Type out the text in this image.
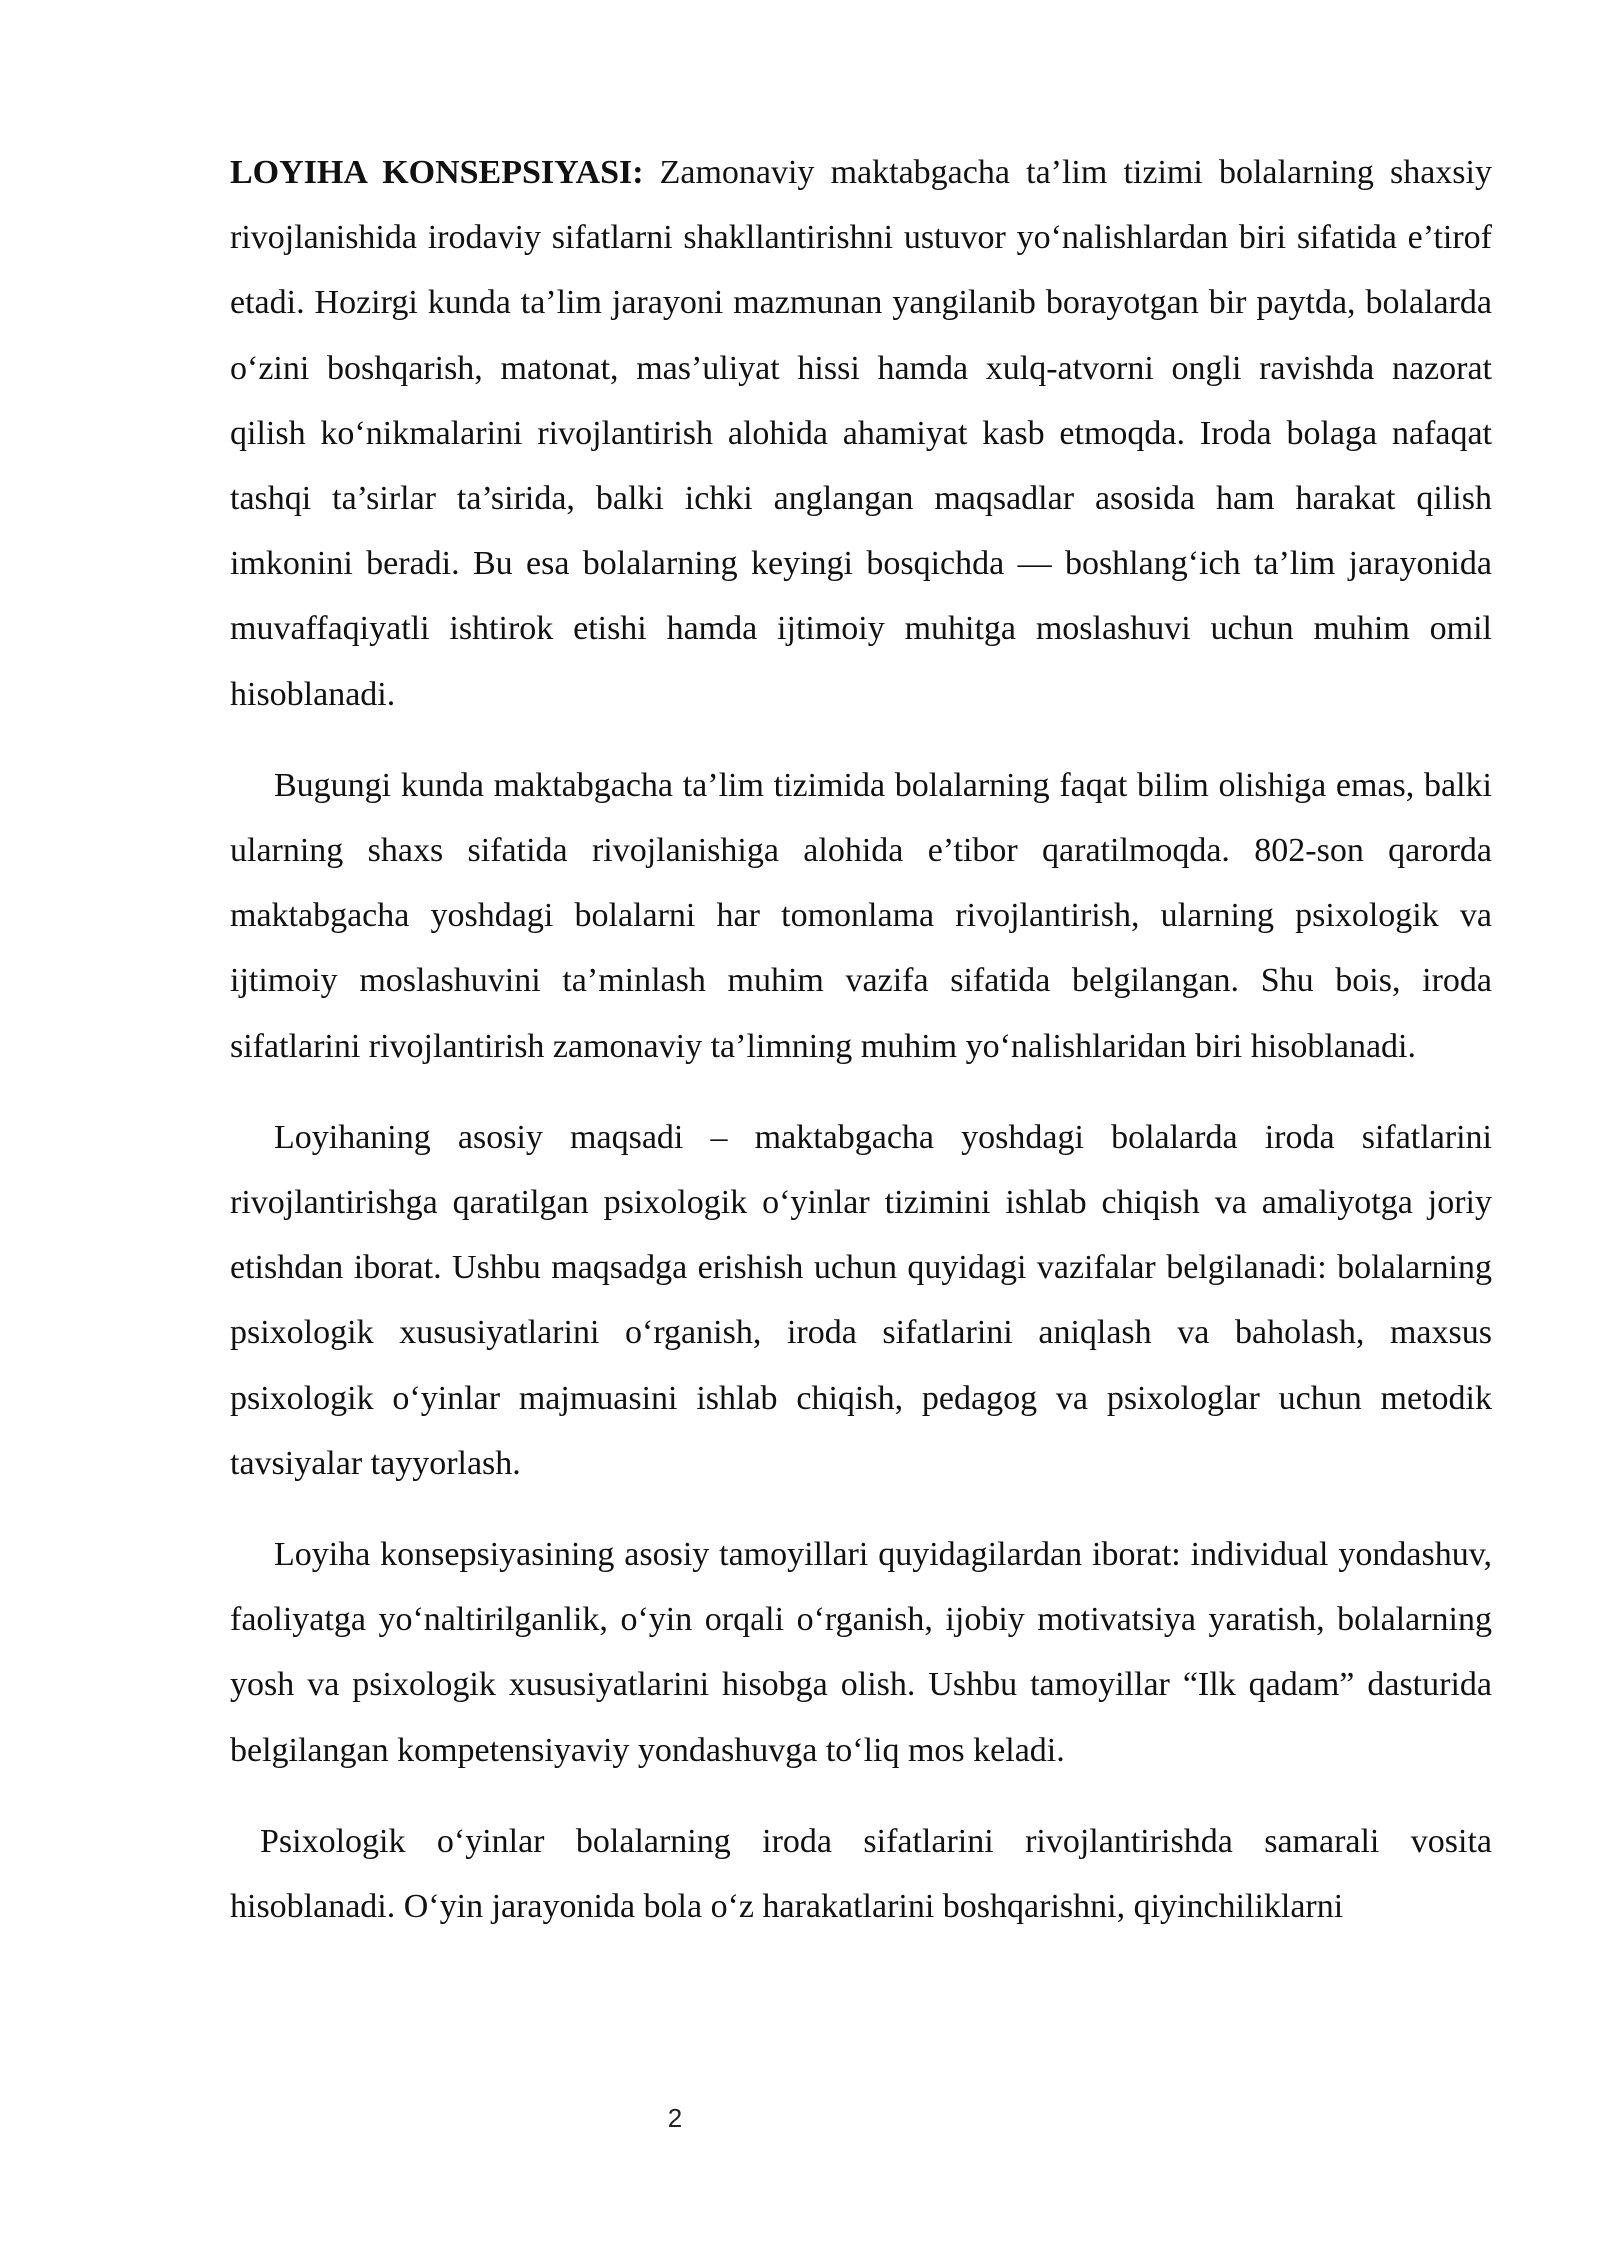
LOYIHA KONSEPSIYASI: Zamonaviy maktabgacha ta’lim tizimi bolalarning shaxsiy rivojlanishida irodaviy sifatlarni shakllantirishni ustuvor yo‘nalishlardan biri sifatida e’tirof etadi. Hozirgi kunda ta’lim jarayoni mazmunan yangilanib borayotgan bir paytda, bolalarda o‘zini boshqarish, matonat, mas’uliyat hissi hamda xulq-atvorni ongli ravishda nazorat qilish ko‘nikmalarini rivojlantirish alohida ahamiyat kasb etmoqda. Iroda bolaga nafaqat tashqi ta’sirlar ta’sirida, balki ichki anglangan maqsadlar asosida ham harakat qilish imkonini beradi. Bu esa bolalarning keyingi bosqichda — boshlang‘ich ta’lim jarayonida muvaffaqiyatli ishtirok etishi hamda ijtimoiy muhitga moslashuvi uchun muhim omil hisoblanadi.

Bugungi kunda maktabgacha ta’lim tizimida bolalarning faqat bilim olishiga emas, balki ularning shaxs sifatida rivojlanishiga alohida e’tibor qaratilmoqda. 802-son qarorda maktabgacha yoshdagi bolalarni har tomonlama rivojlantirish, ularning psixologik va ijtimoiy moslashuvini ta’minlash muhim vazifa sifatida belgilangan. Shu bois, iroda sifatlarini rivojlantirish zamonaviy ta’limning muhim yo‘nalishlaridan biri hisoblanadi.

Loyihaning asosiy maqsadi – maktabgacha yoshdagi bolalarda iroda sifatlarini rivojlantirishga qaratilgan psixologik o‘yinlar tizimini ishlab chiqish va amaliyotga joriy etishdan iborat. Ushbu maqsadga erishish uchun quyidagi vazifalar belgilanadi: bolalarning psixologik xususiyatlarini o‘rganish, iroda sifatlarini aniqlash va baholash, maxsus psixologik o‘yinlar majmuasini ishlab chiqish, pedagog va psixologlar uchun metodik tavsiyalar tayyorlash.

Loyiha konsepsiyasining asosiy tamoyillari quyidagilardan iborat: individual yondashuv, faoliyatga yo‘naltirilganlik, o‘yin orqali o‘rganish, ijobiy motivatsiya yaratish, bolalarning yosh va psixologik xususiyatlarini hisobga olish. Ushbu tamoyillar “Ilk qadam” dasturida belgilangan kompetensiyaviy yondashuvga to‘liq mos keladi.

Psixologik o‘yinlar bolalarning iroda sifatlarini rivojlantirishda samarali vosita hisoblanadi. O‘yin jarayonida bola o‘z harakatlarini boshqarishni, qiyinchiliklarni

2
